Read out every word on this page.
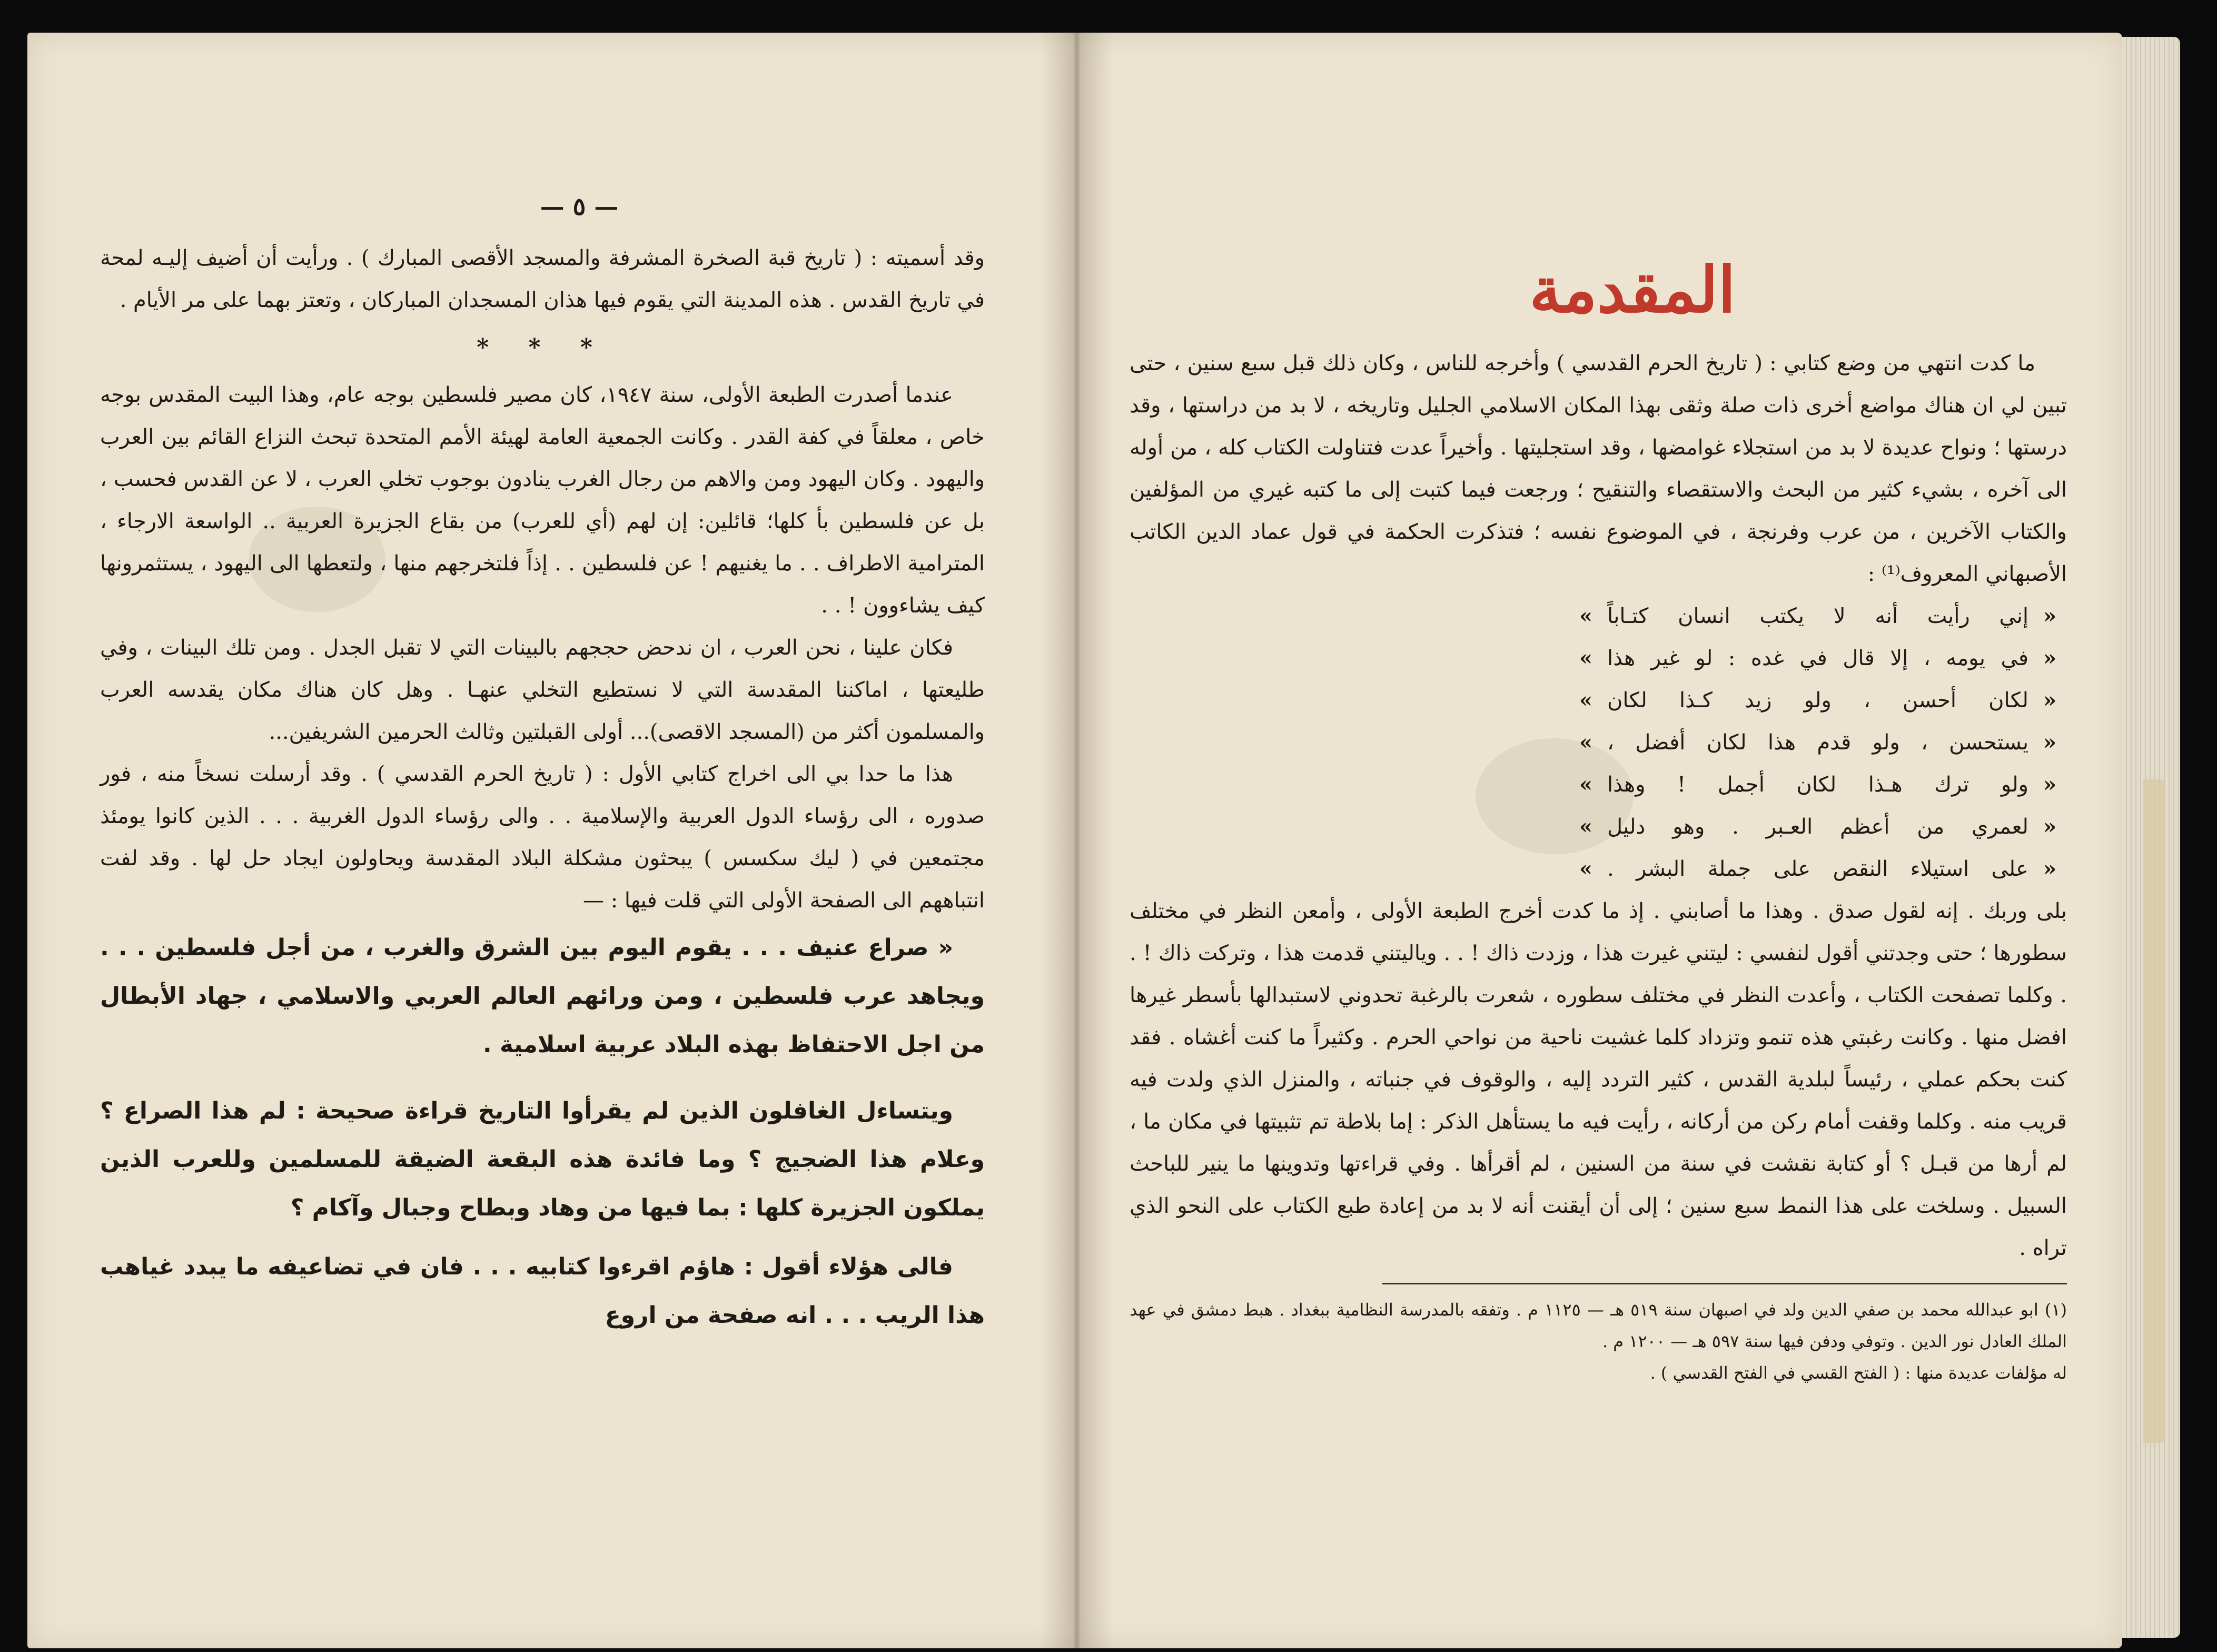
— ٥ —

وقد أسميته : ( تاريخ قبة الصخرة المشرفة والمسجد الأقصى المبارك ) . ورأيت أن أضيف إليـه لمحة في تاريخ القدس . هذه المدينة التي يقوم فيها هذان المسجدان المباركان ، وتعتز بهما على مر الأيام .

* * *

عندما أصدرت الطبعة الأولى، سنة ١٩٤٧، كان مصير فلسطين بوجه عام، وهذا البيت المقدس بوجه خاص ، معلقاً في كفة القدر . وكانت الجمعية العامة لهيئة الأمم المتحدة تبحث النزاع القائم بين العرب واليهود . وكان اليهود ومن والاهم من رجال الغرب ينادون بوجوب تخلي العرب ، لا عن القدس فحسب ، بل عن فلسطين بأ كلها؛ قائلين: إن لهم (أي للعرب) من بقاع الجزيرة العربية .. الواسعة الارجاء ، المترامية الاطراف . . ما يغنيهم ! عن فلسطين . . إذاً فلتخرجهم منها ، ولتعطها الى اليهود ، يستثمرونها كيف يشاءوون ! . .

فكان علينا ، نحن العرب ، ان ندحض حججهم بالبينات التي لا تقبل الجدل . ومن تلك البينات ، وفي طليعتها ، اماكننا المقدسة التي لا نستطيع التخلي عنهـا . وهل كان هناك مكان يقدسه العرب والمسلمون أكثر من (المسجد الاقصى)... أولى القبلتين وثالث الحرمين الشريفين...

هذا ما حدا بي الى اخراج كتابي الأول : ( تاريخ الحرم القدسي ) . وقد أرسلت نسخاً منه ، فور صدوره ، الى رؤساء الدول العربية والإسلامية . . والى رؤساء الدول الغربية . . . الذين كانوا يومئذ مجتمعين في ( ليك سكسس ) يبحثون مشكلة البلاد المقدسة ويحاولون ايجاد حل لها . وقد لفت انتباههم الى الصفحة الأولى التي قلت فيها : —

« صراع عنيف . . . يقوم اليوم بين الشرق والغرب ، من أجل فلسطين . . . ويجاهد عرب فلسطين ، ومن ورائهم العالم العربي والاسلامي ، جهاد الأبطال من اجل الاحتفاظ بهذه البلاد عربية اسلامية .

ويتساءل الغافلون الذين لم يقرأوا التاريخ قراءة صحيحة : لم هذا الصراع ؟ وعلام هذا الضجيج ؟ وما فائدة هذه البقعة الضيقة للمسلمين وللعرب الذين يملكون الجزيرة كلها : بما فيها من وهاد وبطاح وجبال وآكام ؟

فالى هؤلاء أقول : هاؤم اقرءوا كتابيه . . . فان في تضاعيفه ما يبدد غياهب هذا الريب . . . انه صفحة من اروع

المقدمة

ما كدت انتهي من وضع كتابي : ( تاريخ الحرم القدسي ) وأخرجه للناس ، وكان ذلك قبل سبع سنين ، حتى تبين لي ان هناك مواضع أخرى ذات صلة وثقى بهذا المكان الاسلامي الجليل وتاريخه ، لا بد من دراستها ، وقد درستها ؛ ونواح عديدة لا بد من استجلاء غوامضها ، وقد استجليتها . وأخيراً عدت فتناولت الكتاب كله ، من أوله الى آخره ، بشيء كثير من البحث والاستقصاء والتنقيح ؛ ورجعت فيما كتبت إلى ما كتبه غيري من المؤلفين والكتاب الآخرين ، من عرب وفرنجة ، في الموضوع نفسه ؛ فتذكرت الحكمة في قول عماد الدين الكاتب الأصبهاني المعروف⁽¹⁾ :

«
إني رأيت أنه لا يكتب انسان كتـاباً
»
«
في يومه ، إلا قال في غده : لو غير هذا
»
«
لكان أحسن ، ولو زيد كـذا لكان
»
«
يستحسن ، ولو قدم هذا لكان أفضل ،
»
«
ولو ترك هـذا لكان أجمل ! وهذا
»
«
لعمري من أعظم العـبر . وهو دليل
»
«
على استيلاء النقص على جملة البشر .
»

بلى وربك . إنه لقول صدق . وهذا ما أصابني . إذ ما كدت أخرج الطبعة الأولى ، وأمعن النظر في مختلف سطورها ؛ حتى وجدتني أقول لنفسي : ليتني غيرت هذا ، وزدت ذاك ! . . وياليتني قدمت هذا ، وتركت ذاك ! . . وكلما تصفحت الكتاب ، وأعدت النظر في مختلف سطوره ، شعرت بالرغبة تحدوني لاستبدالها بأسطر غيرها افضل منها . وكانت رغبتي هذه تنمو وتزداد كلما غشيت ناحية من نواحي الحرم . وكثيراً ما كنت أغشاه . فقد كنت بحكم عملي ، رئيساً لبلدية القدس ، كثير التردد إليه ، والوقوف في جنباته ، والمنزل الذي ولدت فيه قريب منه . وكلما وقفت أمام ركن من أركانه ، رأيت فيه ما يستأهل الذكر : إما بلاطة تم تثبيتها في مكان ما ، لم أرها من قبـل ؟ أو كتابة نقشت في سنة من السنين ، لم أقرأها . وفي قراءتها وتدوينها ما ينير للباحث السبيل . وسلخت على هذا النمط سبع سنين ؛ إلى أن أيقنت أنه لا بد من إعادة طبع الكتاب على النحو الذي تراه .

(١) ابو عبدالله محمد بن صفي الدين ولد في اصبهان سنة ٥١٩ هـ — ١١٢٥ م . وتفقه بالمدرسة النظامية ببغداد . هبط دمشق في عهد الملك العادل نور الدين . وتوفي ودفن فيها سنة ٥٩٧ هـ — ١٢٠٠ م .

له مؤلفات عديدة منها : ( الفتح القسي في الفتح القدسي ) .
